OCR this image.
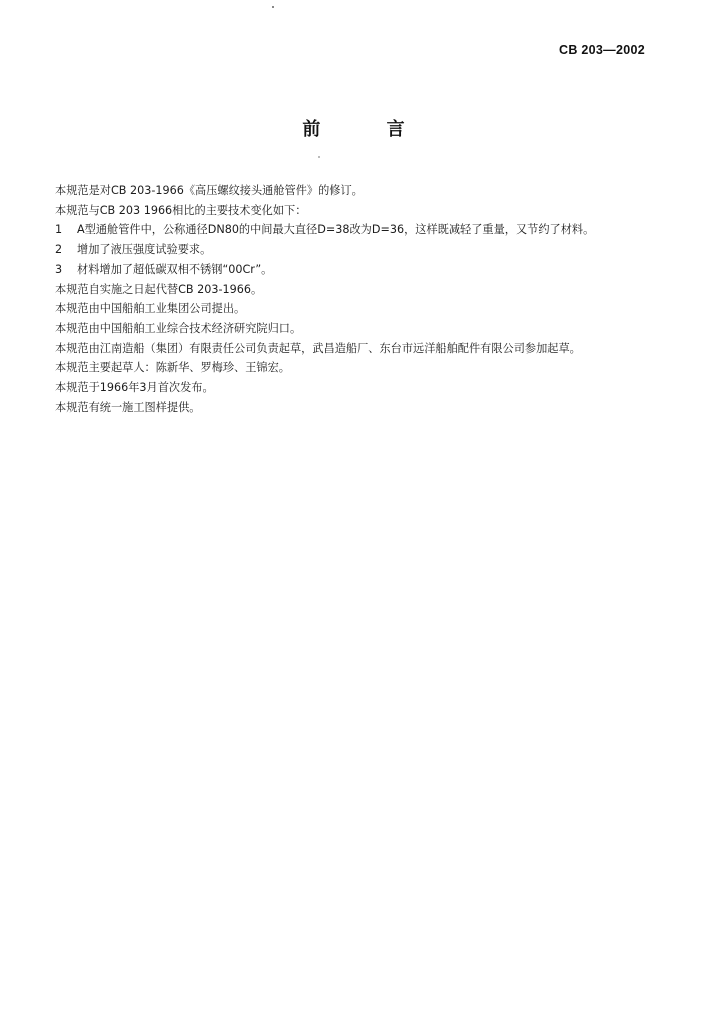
CB 203—2002
前 言

本规范是对CB 203-1966《高压螺纹接头通舱管件》的修订。

本规范与CB 203 1966相比的主要技术变化如下：

1 A型通舱管件中，公称通径DN80的中间最大直径D=38改为D=36，这样既减轻了重量，又节约了材料。

2 增加了液压强度试验要求。

3 材料增加了超低碳双相不锈钢“00Cr”。

本规范自实施之日起代替CB 203-1966。

本规范由中国船舶工业集团公司提出。

本规范由中国船舶工业综合技术经济研究院归口。

本规范由江南造船（集团）有限责任公司负责起草，武昌造船厂、东台市远洋船舶配件有限公司参加起草。

本规范主要起草人：陈新华、罗梅珍、王锦宏。

本规范于1966年3月首次发布。

本规范有统一施工图样提供。
